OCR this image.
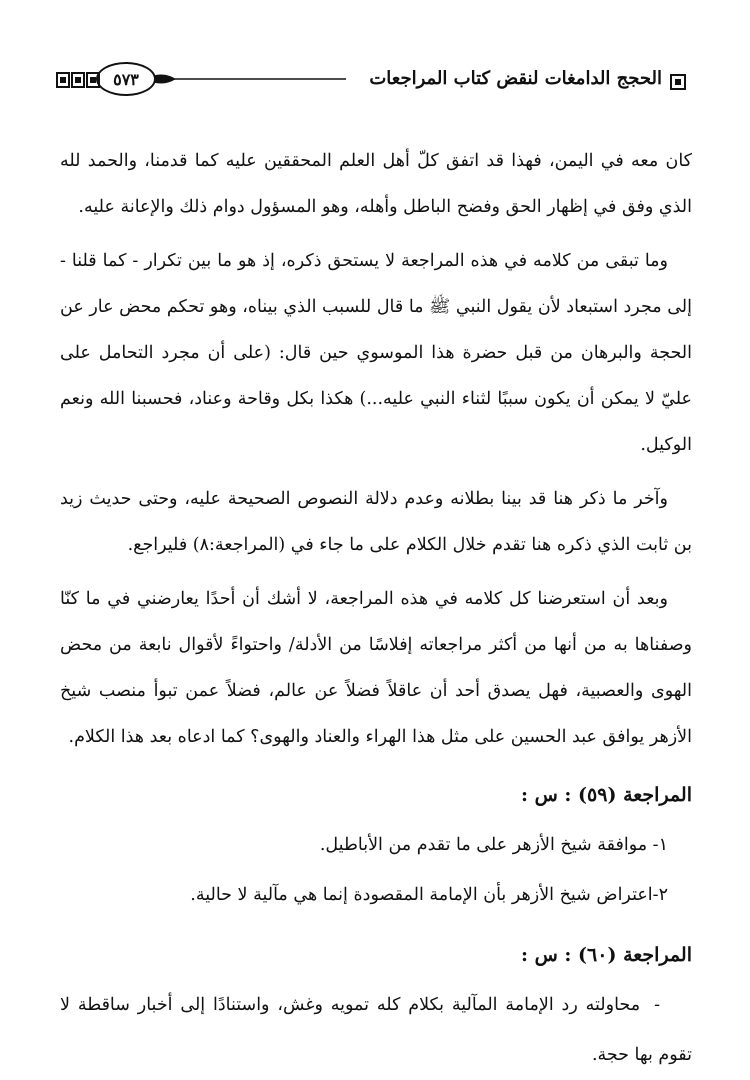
الحجج الدامغات لنقض كتاب المراجعات
٥٧٣

كان معه في اليمن، فهذا قد اتفق كلّ أهل العلم المحققين عليه كما قدمنا، والحمد لله الذي وفق في إظهار الحق وفضح الباطل وأهله، وهو المسؤول دوام ذلك والإعانة عليه.

وما تبقى من كلامه في هذه المراجعة لا يستحق ذكره، إذ هو ما بين تكرار - كما قلنا - إلى مجرد استبعاد لأن يقول النبي ﷺ ما قال للسبب الذي بيناه، وهو تحكم محض عار عن الحجة والبرهان من قبل حضرة هذا الموسوي حين قال: (على أن مجرد التحامل على عليّ لا يمكن أن يكون سببًا لثناء النبي عليه...) هكذا بكل وقاحة وعناد، فحسبنا الله ونعم الوكيل.

وآخر ما ذكر هنا قد بينا بطلانه وعدم دلالة النصوص الصحيحة عليه، وحتى حديث زيد بن ثابت الذي ذكره هنا تقدم خلال الكلام على ما جاء في (المراجعة:٨) فليراجع.

وبعد أن استعرضنا كل كلامه في هذه المراجعة، لا أشك أن أحدًا يعارضني في ما كنّا وصفناها به من أنها من أكثر مراجعاته إفلاسًا من الأدلة/ واحتواءً لأقوال نابعة من محض الهوى والعصبية، فهل يصدق أحد أن عاقلاً فضلاً عن عالم، فضلاً عمن تبوأ منصب شيخ الأزهر يوافق عبد الحسين على مثل هذا الهراء والعناد والهوى؟ كما ادعاه بعد هذا الكلام.

المراجعة (٥٩) : س :

١- موافقة شيخ الأزهر على ما تقدم من الأباطيل.

٢-اعتراض شيخ الأزهر بأن الإمامة المقصودة إنما هي مآلية لا حالية.

المراجعة (٦٠) : س :

-محاولته رد الإمامة المآلية بكلام كله تمويه وغش، واستنادًا إلى أخبار ساقطة لا تقوم بها حجة.
